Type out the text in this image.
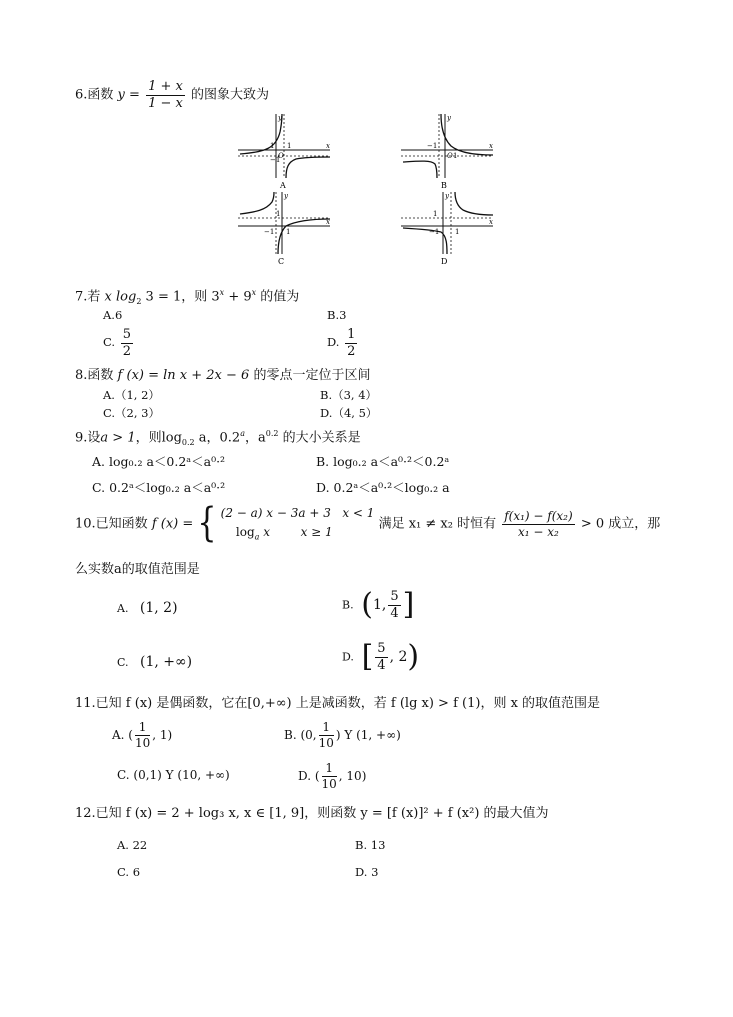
6.函数 $y = \frac{1 + x}{1 - x}$ 的图象大致为
x
y
1
−1
O
1
A
x
y
−1
O 1
B
x
y
1
−1 1
C
x
y
1
−1 1
D
7.若 x $\log_2 3 = 1$，则 $3^x + 9^x$ 的值为
A.6	B.3
C. $\frac{5}{2}$	D. $\frac{1}{2}$
8.函数 f (x) = ln x + 2x − 6 的零点一定位于区间
A.（1, 2）	B.（3, 4）
C.（2, 3）	D.（4, 5）
9.设a > 1，则$\log_{0.2} a$，0.2$^a$，$a^{0.2}$ 的大小关系是
A. log₀.₂ a＜0.2ᵃ＜a⁰·²	B. log₀.₂ a＜a⁰·²＜0.2ᵃ
C. 0.2ᵃ＜log₀.₂ a＜a⁰·²	D. 0.2ᵃ＜a⁰·²＜log₀.₂ a
10.已知函数 f (x) = { (2 − a) x − 3a + 3 x < 1
$\log_a x$	x ≥ 1
满足 x₁ ≠ x₂ 时恒有 $\frac{\text{f(x₁) − f(x₂)}}{\text{x₁ − x₂}} > 0$ 成立，那
么实数a的取值范围是
A. (1, 2)	B. (1, $\frac{5}{4}$ ]
C. (1, +∞)	D. [ $\frac{5}{4}$ , 2)
11.已知 f (x) 是偶函数，它在[0,+∞) 上是减函数，若 f (lg x) > f (1)，则 x 的取值范围是
A. ( $\frac{1}{10}$ , 1)	B. (0, $\frac{1}{10}$ ) Y (1, +∞)
C. (0,1) Y (10, +∞)	D. ( $\frac{1}{10}$ , 10)
12.已知 f (x) = 2 + log₃ x, x ∈ [1, 9]，则函数 y = [f (x)]² + f (x²) 的最大值为
A. 22	B. 13
C. 6	D. 3
